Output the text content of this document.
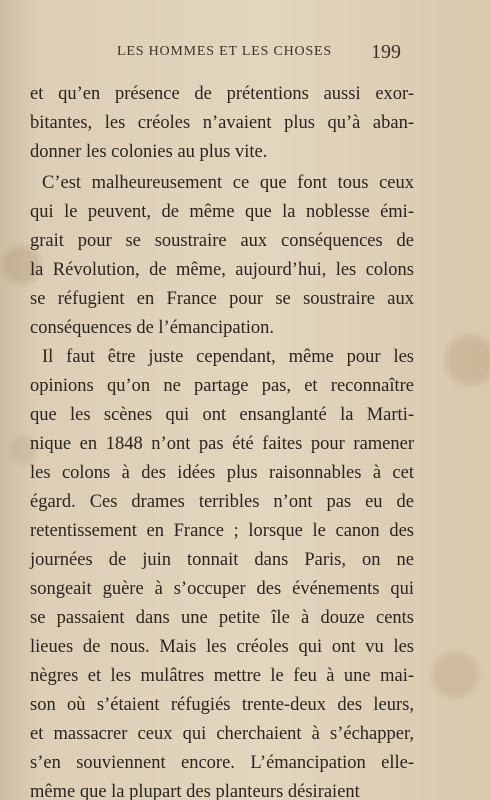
LES HOMMES ET LES CHOSES 199
et qu’en présence de prétentions aussi exor-
bitantes, les créoles n’avaient plus qu’à aban-
donner les colonies au plus vite.
C’est malheureusement ce que font tous ceux
qui le peuvent, de même que la noblesse émi-
grait pour se soustraire aux conséquences de
la Révolution, de même, aujourd’hui, les colons
se réfugient en France pour se soustraire aux
conséquences de l’émancipation.
Il faut être juste cependant, même pour les
opinions qu’on ne partage pas, et reconnaître
que les scènes qui ont ensanglanté la Marti-
nique en 1848 n’ont pas été faites pour ramener
les colons à des idées plus raisonnables à cet
égard. Ces drames terribles n’ont pas eu de
retentissement en France ; lorsque le canon des
journées de juin tonnait dans Paris, on ne
songeait guère à s’occuper des événements qui
se passaient dans une petite île à douze cents
lieues de nous. Mais les créoles qui ont vu les
nègres et les mulâtres mettre le feu à une mai-
son où s’étaient réfugiés trente-deux des leurs,
et massacrer ceux qui cherchaient à s’échapper,
s’en souviennent encore. L’émancipation elle-
même que la plupart des planteurs désiraient
